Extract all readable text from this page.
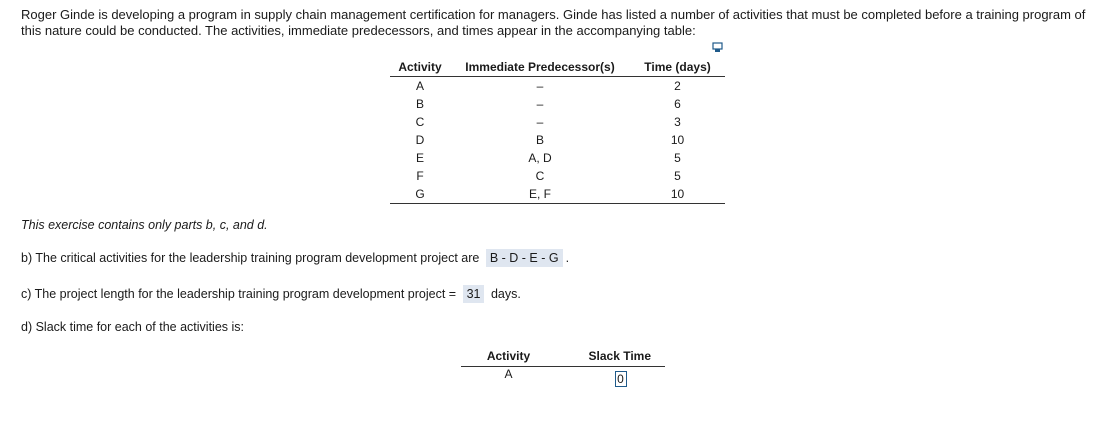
Roger Ginde is developing a program in supply chain management certification for managers. Ginde has listed a number of activities that must be completed before a training program of this nature could be conducted. The activities, immediate predecessors, and times appear in the accompanying table:

Activity	Immediate Predecessor(s)	Time (days)
A	–	2
B	–	6
C	–	3
D	B	10
E	A, D	5
F	C	5
G	E, F	10

This exercise contains only parts b, c, and d.

b) The critical activities for the leadership training program development project are B - D - E - G .

c) The project length for the leadership training program development project = 31 days.

d) Slack time for each of the activities is:

Activity	Slack Time
A	0
